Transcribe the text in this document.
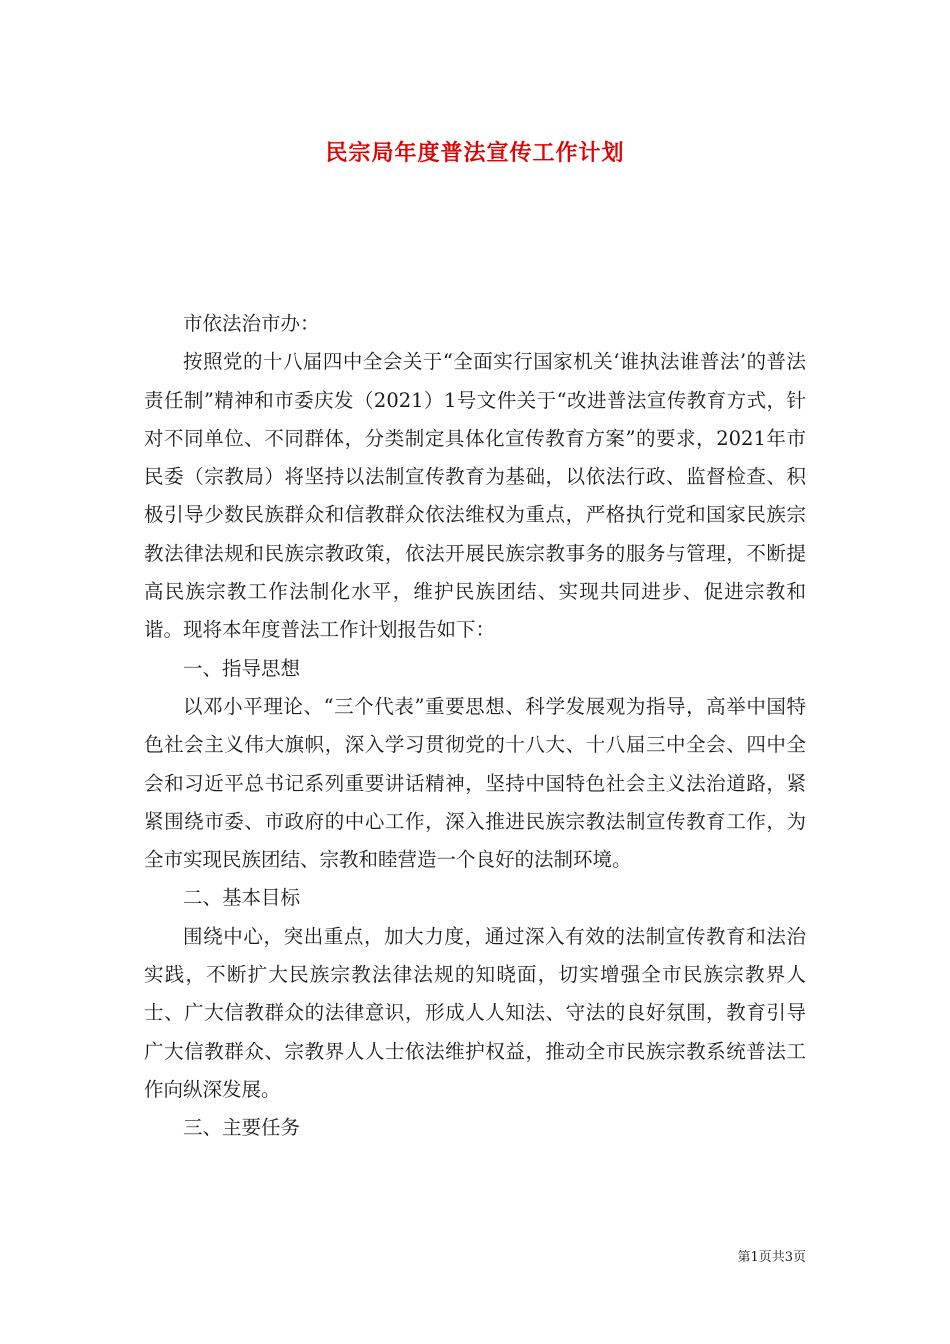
民宗局年度普法宣传工作计划

市依法治市办：

按照党的十八届四中全会关于“全面实行国家机关‘谁执法谁普法’的普法责任制”精神和市委庆发（2021）1号文件关于“改进普法宣传教育方式，针对不同单位、不同群体，分类制定具体化宣传教育方案”的要求，2021年市民委（宗教局）将坚持以法制宣传教育为基础，以依法行政、监督检查、积极引导少数民族群众和信教群众依法维权为重点，严格执行党和国家民族宗教法律法规和民族宗教政策，依法开展民族宗教事务的服务与管理，不断提高民族宗教工作法制化水平，维护民族团结、实现共同进步、促进宗教和谐。现将本年度普法工作计划报告如下：

一、指导思想

以邓小平理论、“三个代表”重要思想、科学发展观为指导，高举中国特色社会主义伟大旗帜，深入学习贯彻党的十八大、十八届三中全会、四中全会和习近平总书记系列重要讲话精神，坚持中国特色社会主义法治道路，紧紧围绕市委、市政府的中心工作，深入推进民族宗教法制宣传教育工作，为全市实现民族团结、宗教和睦营造一个良好的法制环境。

二、基本目标

围绕中心，突出重点，加大力度，通过深入有效的法制宣传教育和法治实践，不断扩大民族宗教法律法规的知晓面，切实增强全市民族宗教界人士、广大信教群众的法律意识，形成人人知法、守法的良好氛围，教育引导广大信教群众、宗教界人人士依法维护权益，推动全市民族宗教系统普法工作向纵深发展。

三、主要任务

第1页共3页
